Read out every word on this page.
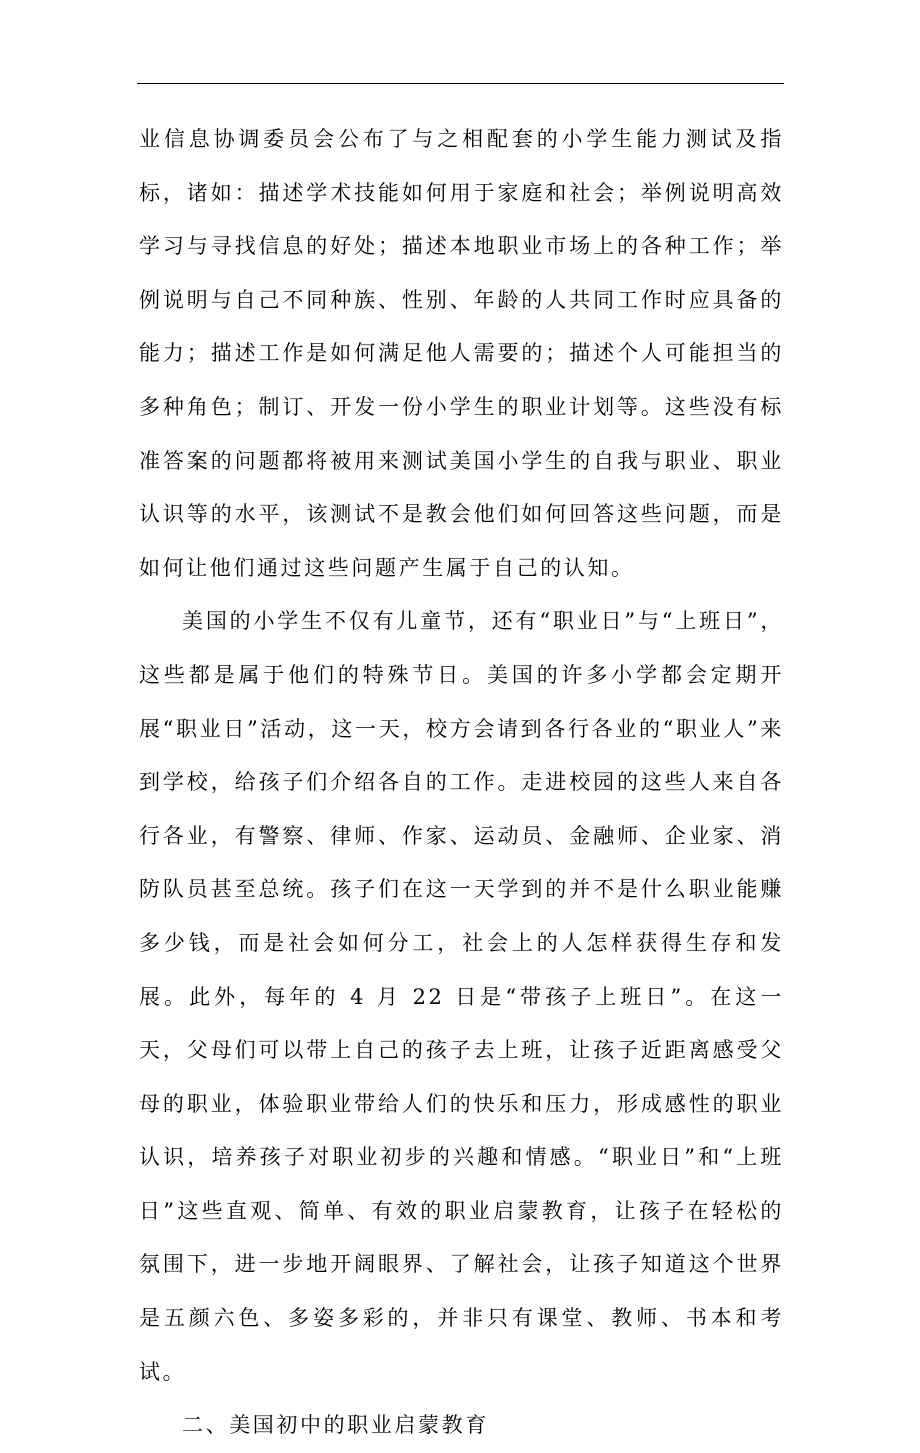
业信息协调委员会公布了与之相配套的小学生能力测试及指标，诸如：描述学术技能如何用于家庭和社会；举例说明高效学习与寻找信息的好处；描述本地职业市场上的各种工作；举例说明与自己不同种族、性别、年龄的人共同工作时应具备的能力；描述工作是如何满足他人需要的；描述个人可能担当的多种角色；制订、开发一份小学生的职业计划等。这些没有标准答案的问题都将被用来测试美国小学生的自我与职业、职业认识等的水平，该测试不是教会他们如何回答这些问题，而是如何让他们通过这些问题产生属于自己的认知。

美国的小学生不仅有儿童节，还有“职业日”与“上班日”，这些都是属于他们的特殊节日。美国的许多小学都会定期开展“职业日”活动，这一天，校方会请到各行各业的“职业人”来到学校，给孩子们介绍各自的工作。走进校园的这些人来自各行各业，有警察、律师、作家、运动员、金融师、企业家、消防队员甚至总统。孩子们在这一天学到的并不是什么职业能赚多少钱，而是社会如何分工，社会上的人怎样获得生存和发展。此外，每年的 4 月 22 日是“带孩子上班日”。在这一天，父母们可以带上自己的孩子去上班，让孩子近距离感受父母的职业，体验职业带给人们的快乐和压力，形成感性的职业认识，培养孩子对职业初步的兴趣和情感。“职业日”和“上班日”这些直观、简单、有效的职业启蒙教育，让孩子在轻松的氛围下，进一步地开阔眼界、了解社会，让孩子知道这个世界是五颜六色、多姿多彩的，并非只有课堂、教师、书本和考试。

二、美国初中的职业启蒙教育
